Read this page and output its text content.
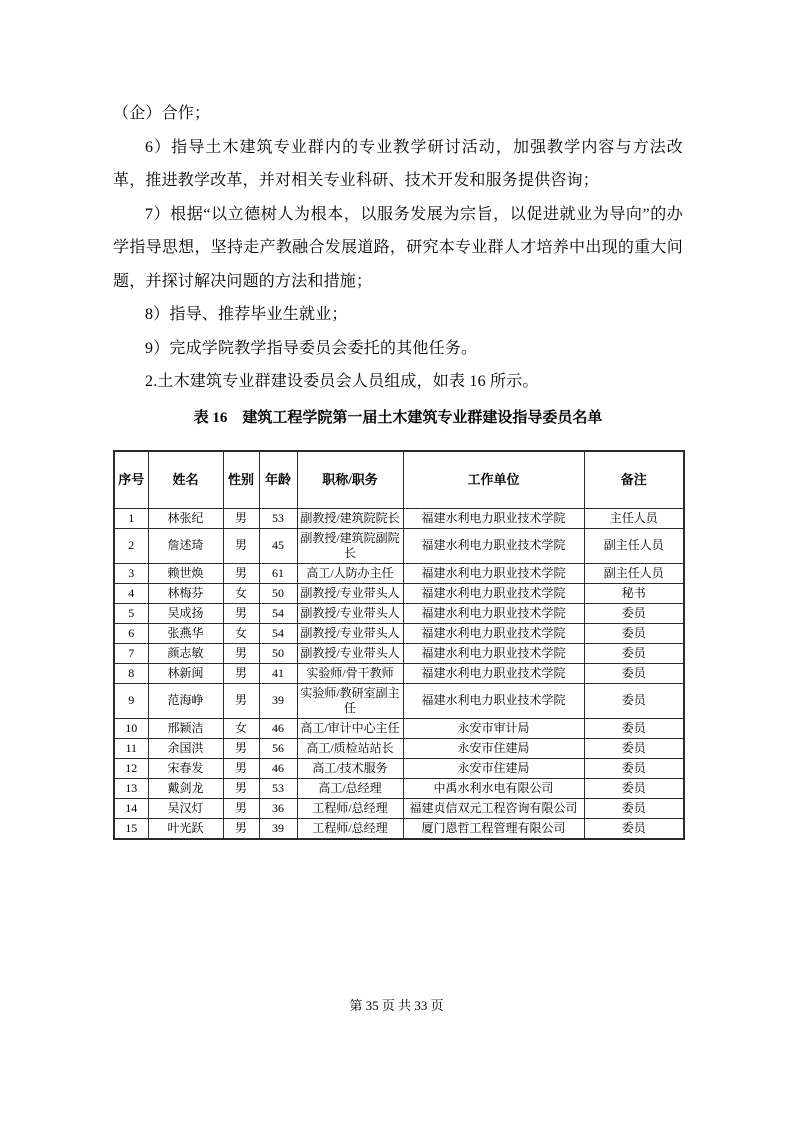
（企）合作；

6）指导土木建筑专业群内的专业教学研讨活动，加强教学内容与方法改革，推进教学改革，并对相关专业科研、技术开发和服务提供咨询；

7）根据“以立德树人为根本，以服务发展为宗旨，以促进就业为导向”的办学指导思想，坚持走产教融合发展道路，研究本专业群人才培养中出现的重大问题，并探讨解决问题的方法和措施；

8）指导、推荐毕业生就业；

9）完成学院教学指导委员会委托的其他任务。

2.土木建筑专业群建设委员会人员组成，如表 16 所示。

表 16　建筑工程学院第一届土木建筑专业群建设指导委员名单
序号	姓名	性别	年龄	职称/职务	工作单位	备注
1	林张纪	男	53	副教授/建筑院院长	福建水利电力职业技术学院	主任人员
2	詹述琦	男	45	副教授/建筑院副院长	福建水利电力职业技术学院	副主任人员
3	赖世焕	男	61	高工/人防办主任	福建水利电力职业技术学院	副主任人员
4	林梅芬	女	50	副教授/专业带头人	福建水利电力职业技术学院	秘书
5	吴成扬	男	54	副教授/专业带头人	福建水利电力职业技术学院	委员
6	张燕华	女	54	副教授/专业带头人	福建水利电力职业技术学院	委员
7	颜志敏	男	50	副教授/专业带头人	福建水利电力职业技术学院	委员
8	林新闽	男	41	实验师/骨干教师	福建水利电力职业技术学院	委员
9	范海峥	男	39	实验师/教研室副主任	福建水利电力职业技术学院	委员
10	邢颖洁	女	46	高工/审计中心主任	永安市审计局	委员
11	余国洪	男	56	高工/质检站站长	永安市住建局	委员
12	宋春发	男	46	高工/技术服务	永安市住建局	委员
13	戴剑龙	男	53	高工/总经理	中禹水利水电有限公司	委员
14	吴汉灯	男	36	工程师/总经理	福建贞信双元工程咨询有限公司	委员
15	叶光跃	男	39	工程师/总经理	厦门恩哲工程管理有限公司	委员
第 35 页 共 33 页
